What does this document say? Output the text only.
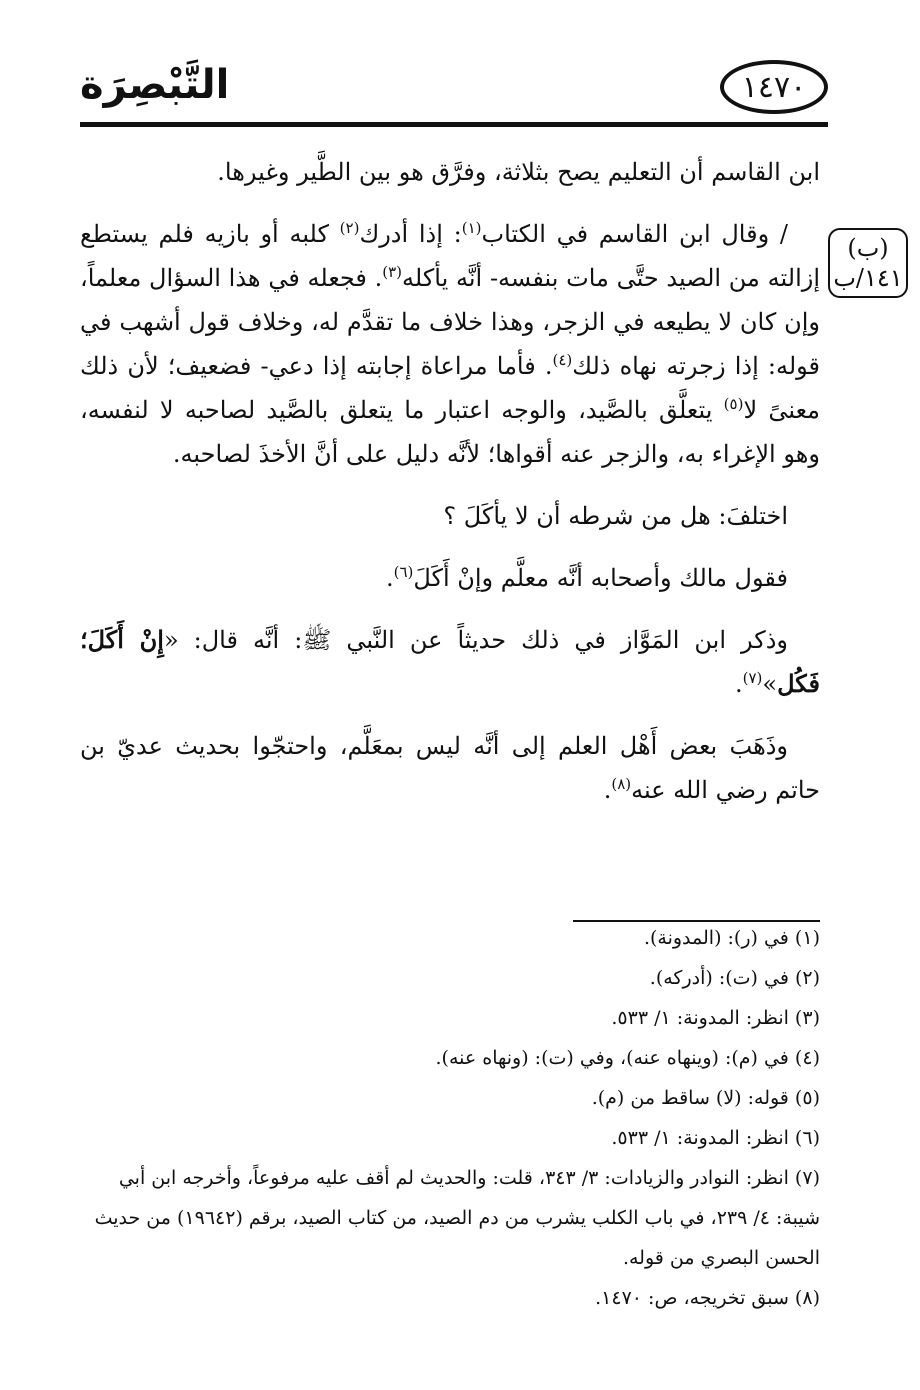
التَّبْصِرَة	١٤٧٠
(ب)
١٤١/ب

ابن القاسم أن التعليم يصح بثلاثة، وفرَّق هو بين الطَّير وغيرها.

/ وقال ابن القاسم في الكتاب$^{(١)}$: إذا أدرك$^{(٢)}$ كلبه أو بازيه فلم يستطع إزالته من الصيد حتَّى مات بنفسه- أنَّه يأكله$^{(٣)}$. فجعله في هذا السؤال معلماً، وإن كان لا يطيعه في الزجر، وهذا خلاف ما تقدَّم له، وخلاف قول أشهب في قوله: إذا زجرته نهاه ذلك$^{(٤)}$. فأما مراعاة إجابته إذا دعي- فضعيف؛ لأن ذلك معنىً لا$^{(٥)}$ يتعلَّق بالصَّيد، والوجه اعتبار ما يتعلق بالصَّيد لصاحبه لا لنفسه، وهو الإغراء به، والزجر عنه أقواها؛ لأنَّه دليل على أنَّ الأخذَ لصاحبه.

اختلفَ: هل من شرطه أن لا يأكَلَ ؟

فقول مالك وأصحابه أنَّه معلَّم وإنْ أَكَلَ$^{(٦)}$.

وذكر ابن المَوَّاز في ذلك حديثاً عن النَّبي ﷺ: أنَّه قال: «إِنْ أَكَلَ؛ فَكُل»$^{(٧)}$.

وذَهَبَ بعض أَهْل العلم إلى أنَّه ليس بمعَلَّم، واحتجّوا بحديث عديّ بن حاتم رضي الله عنه$^{(٨)}$.

(١) في (ر): (المدونة).

(٢) في (ت): (أدركه).

(٣) انظر: المدونة: ١/ ٥٣٣.

(٤) في (م): (وينهاه عنه)، وفي (ت): (ونهاه عنه).

(٥) قوله: (لا) ساقط من (م).

(٦) انظر: المدونة: ١/ ٥٣٣.

(٧) انظر: النوادر والزيادات: ٣/ ٣٤٣، قلت: والحديث لم أقف عليه مرفوعاً، وأخرجه ابن أبي شيبة: ٤/ ٢٣٩، في باب الكلب يشرب من دم الصيد، من كتاب الصيد، برقم (١٩٦٤٢) من حديث الحسن البصري من قوله.

(٨) سبق تخريجه، ص: ١٤٧٠.
